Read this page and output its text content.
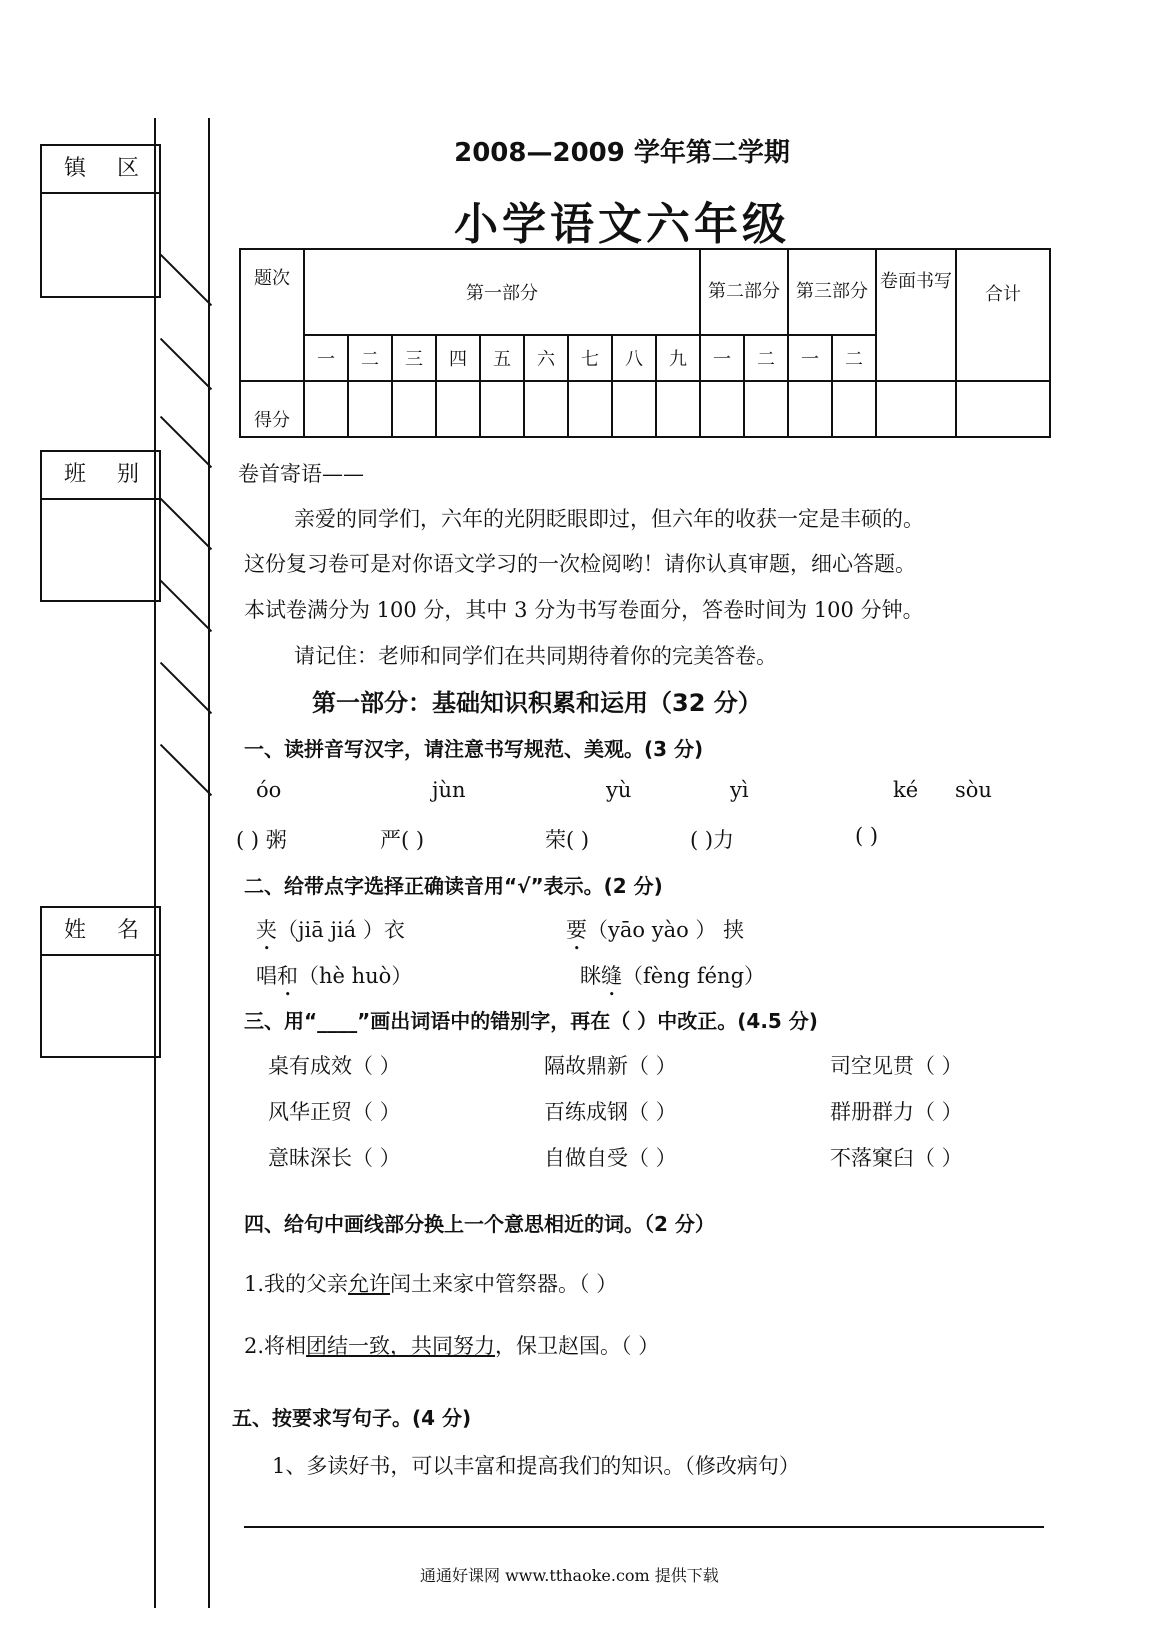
镇 区
班 别
姓 名
2008—2009 学年第二学期
小学语文六年级
题次	第一部分									第二部分		第三部分		卷面书写	合计
	一	二	三	四	五	六	七	八	九	一	二	一	二		
得分															
卷首寄语——
亲爱的同学们，六年的光阴眨眼即过，但六年的收获一定是丰硕的。
这份复习卷可是对你语文学习的一次检阅哟！请你认真审题，细心答题。
本试卷满分为 100 分，其中 3 分为书写卷面分，答卷时间为 100 分钟。
请记住：老师和同学们在共同期待着你的完美答卷。
第一部分：基础知识积累和运用（32 分）
一、读拼音写汉字，请注意书写规范、美观。(3 分)
óo	jùn	yù	yì	ké sòu
( ) 粥	严( )	荣( )	( )力	( )
二、给带点字选择正确读音用“√”表示。(2 分)
夹（jiā jiá ）衣	要（yāo yào ） 挟
唱和（hè huò）	眯缝（fèng féng）
三、用“____”画出词语中的错别字，再在（ ）中改正。(4.5 分)
桌有成效（ ）	隔故鼎新（ ）	司空见贯（ ）
风华正贸（ ）	百练成钢（ ）	群册群力（ ）
意昧深长（ ）	自做自受（ ）	不落窠臼（ ）
四、给句中画线部分换上一个意思相近的词。（2 分）
1.我的父亲允许闰土来家中管祭器。（ ）
2.将相团结一致，共同努力，保卫赵国。（ ）
五、按要求写句子。(4 分)
1、多读好书，可以丰富和提高我们的知识。（修改病句）
通通好课网 www.tthaoke.com 提供下载
